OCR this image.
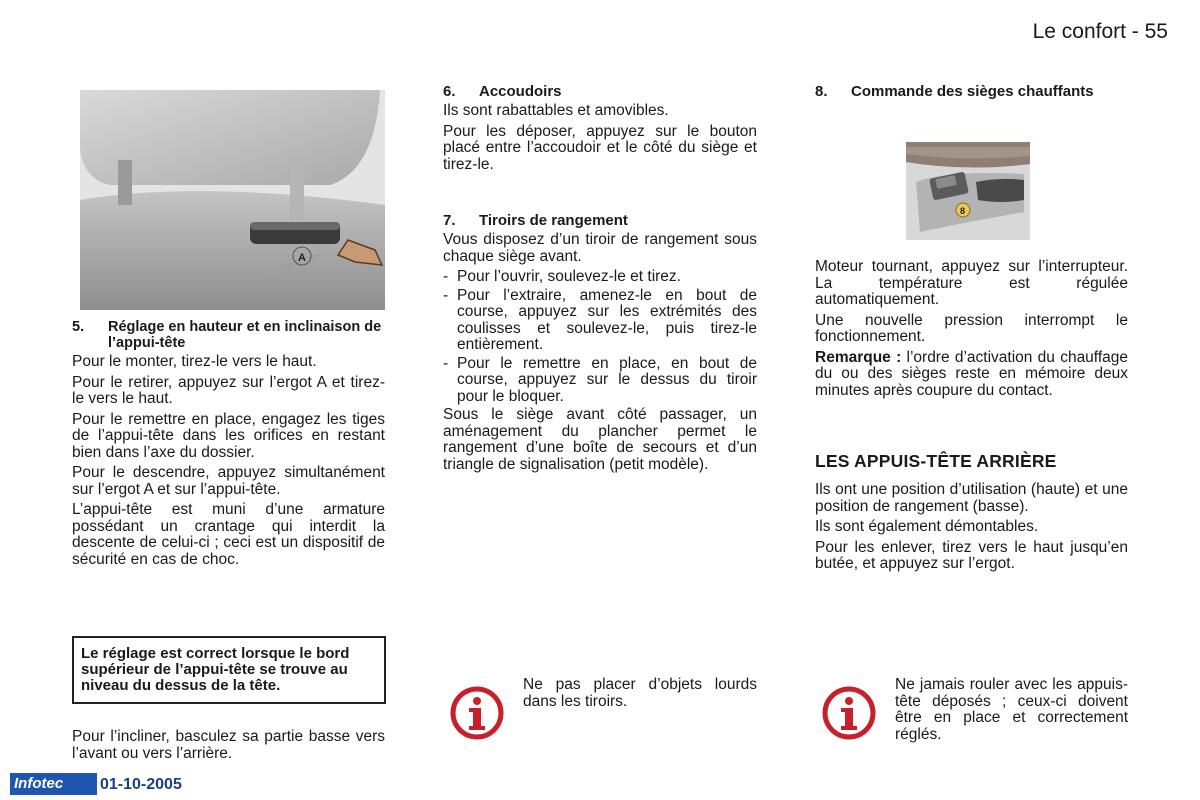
Le confort - 55
A
5.	Réglage en hauteur et en inclinaison de l’appui-tête

Pour le monter, tirez-le vers le haut.

Pour le retirer, appuyez sur l’ergot A et tirez-le vers le haut.

Pour le remettre en place, engagez les tiges de l’appui-tête dans les orifices en restant bien dans l’axe du dossier.

Pour le descendre, appuyez simultanément sur l’ergot A et sur l’appui-tête.

L’appui-tête est muni d’une armature possédant un crantage qui interdit la descente de celui-ci ; ceci est un dispositif de sécurité en cas de choc.

Le réglage est correct lorsque le bord supérieur de l’appui-tête se trouve au niveau du dessus de la tête.

Pour l’incliner, basculez sa partie basse vers l’avant ou vers l’arrière.

6.	Accoudoirs

Ils sont rabattables et amovibles.

Pour les déposer, appuyez sur le bouton placé entre l’accoudoir et le côté du siège et tirez-le.

7.	Tiroirs de rangement

Vous disposez d’un tiroir de rangement sous chaque siège avant.

- Pour l’ouvrir, soulevez-le et tirez.
- Pour l’extraire, amenez-le en bout de course, appuyez sur les extrémités des coulisses et soulevez-le, puis tirez-le entièrement.
- Pour le remettre en place, en bout de course, appuyez sur le dessus du tiroir pour le bloquer.

Sous le siège avant côté passager, un aménagement du plancher permet le rangement d’une boîte de secours et d’un triangle de signalisation (petit modèle).

Ne pas placer d’objets lourds dans les tiroirs.

8.	Commande des sièges chauffants
8

Moteur tournant, appuyez sur l’interrupteur. La température est régulée automatiquement.

Une nouvelle pression interrompt le fonctionnement.

Remarque : l’ordre d’activation du chauffage du ou des sièges reste en mémoire deux minutes après coupure du contact.

LES APPUIS-TÊTE ARRIÈRE

Ils ont une position d’utilisation (haute) et une position de rangement (basse).

Ils sont également démontables.

Pour les enlever, tirez vers le haut jusqu’en butée, et appuyez sur l’ergot.

Ne jamais rouler avec les appuis-tête déposés ; ceux-ci doivent être en place et correctement réglés.

Infotec	01-10-2005
